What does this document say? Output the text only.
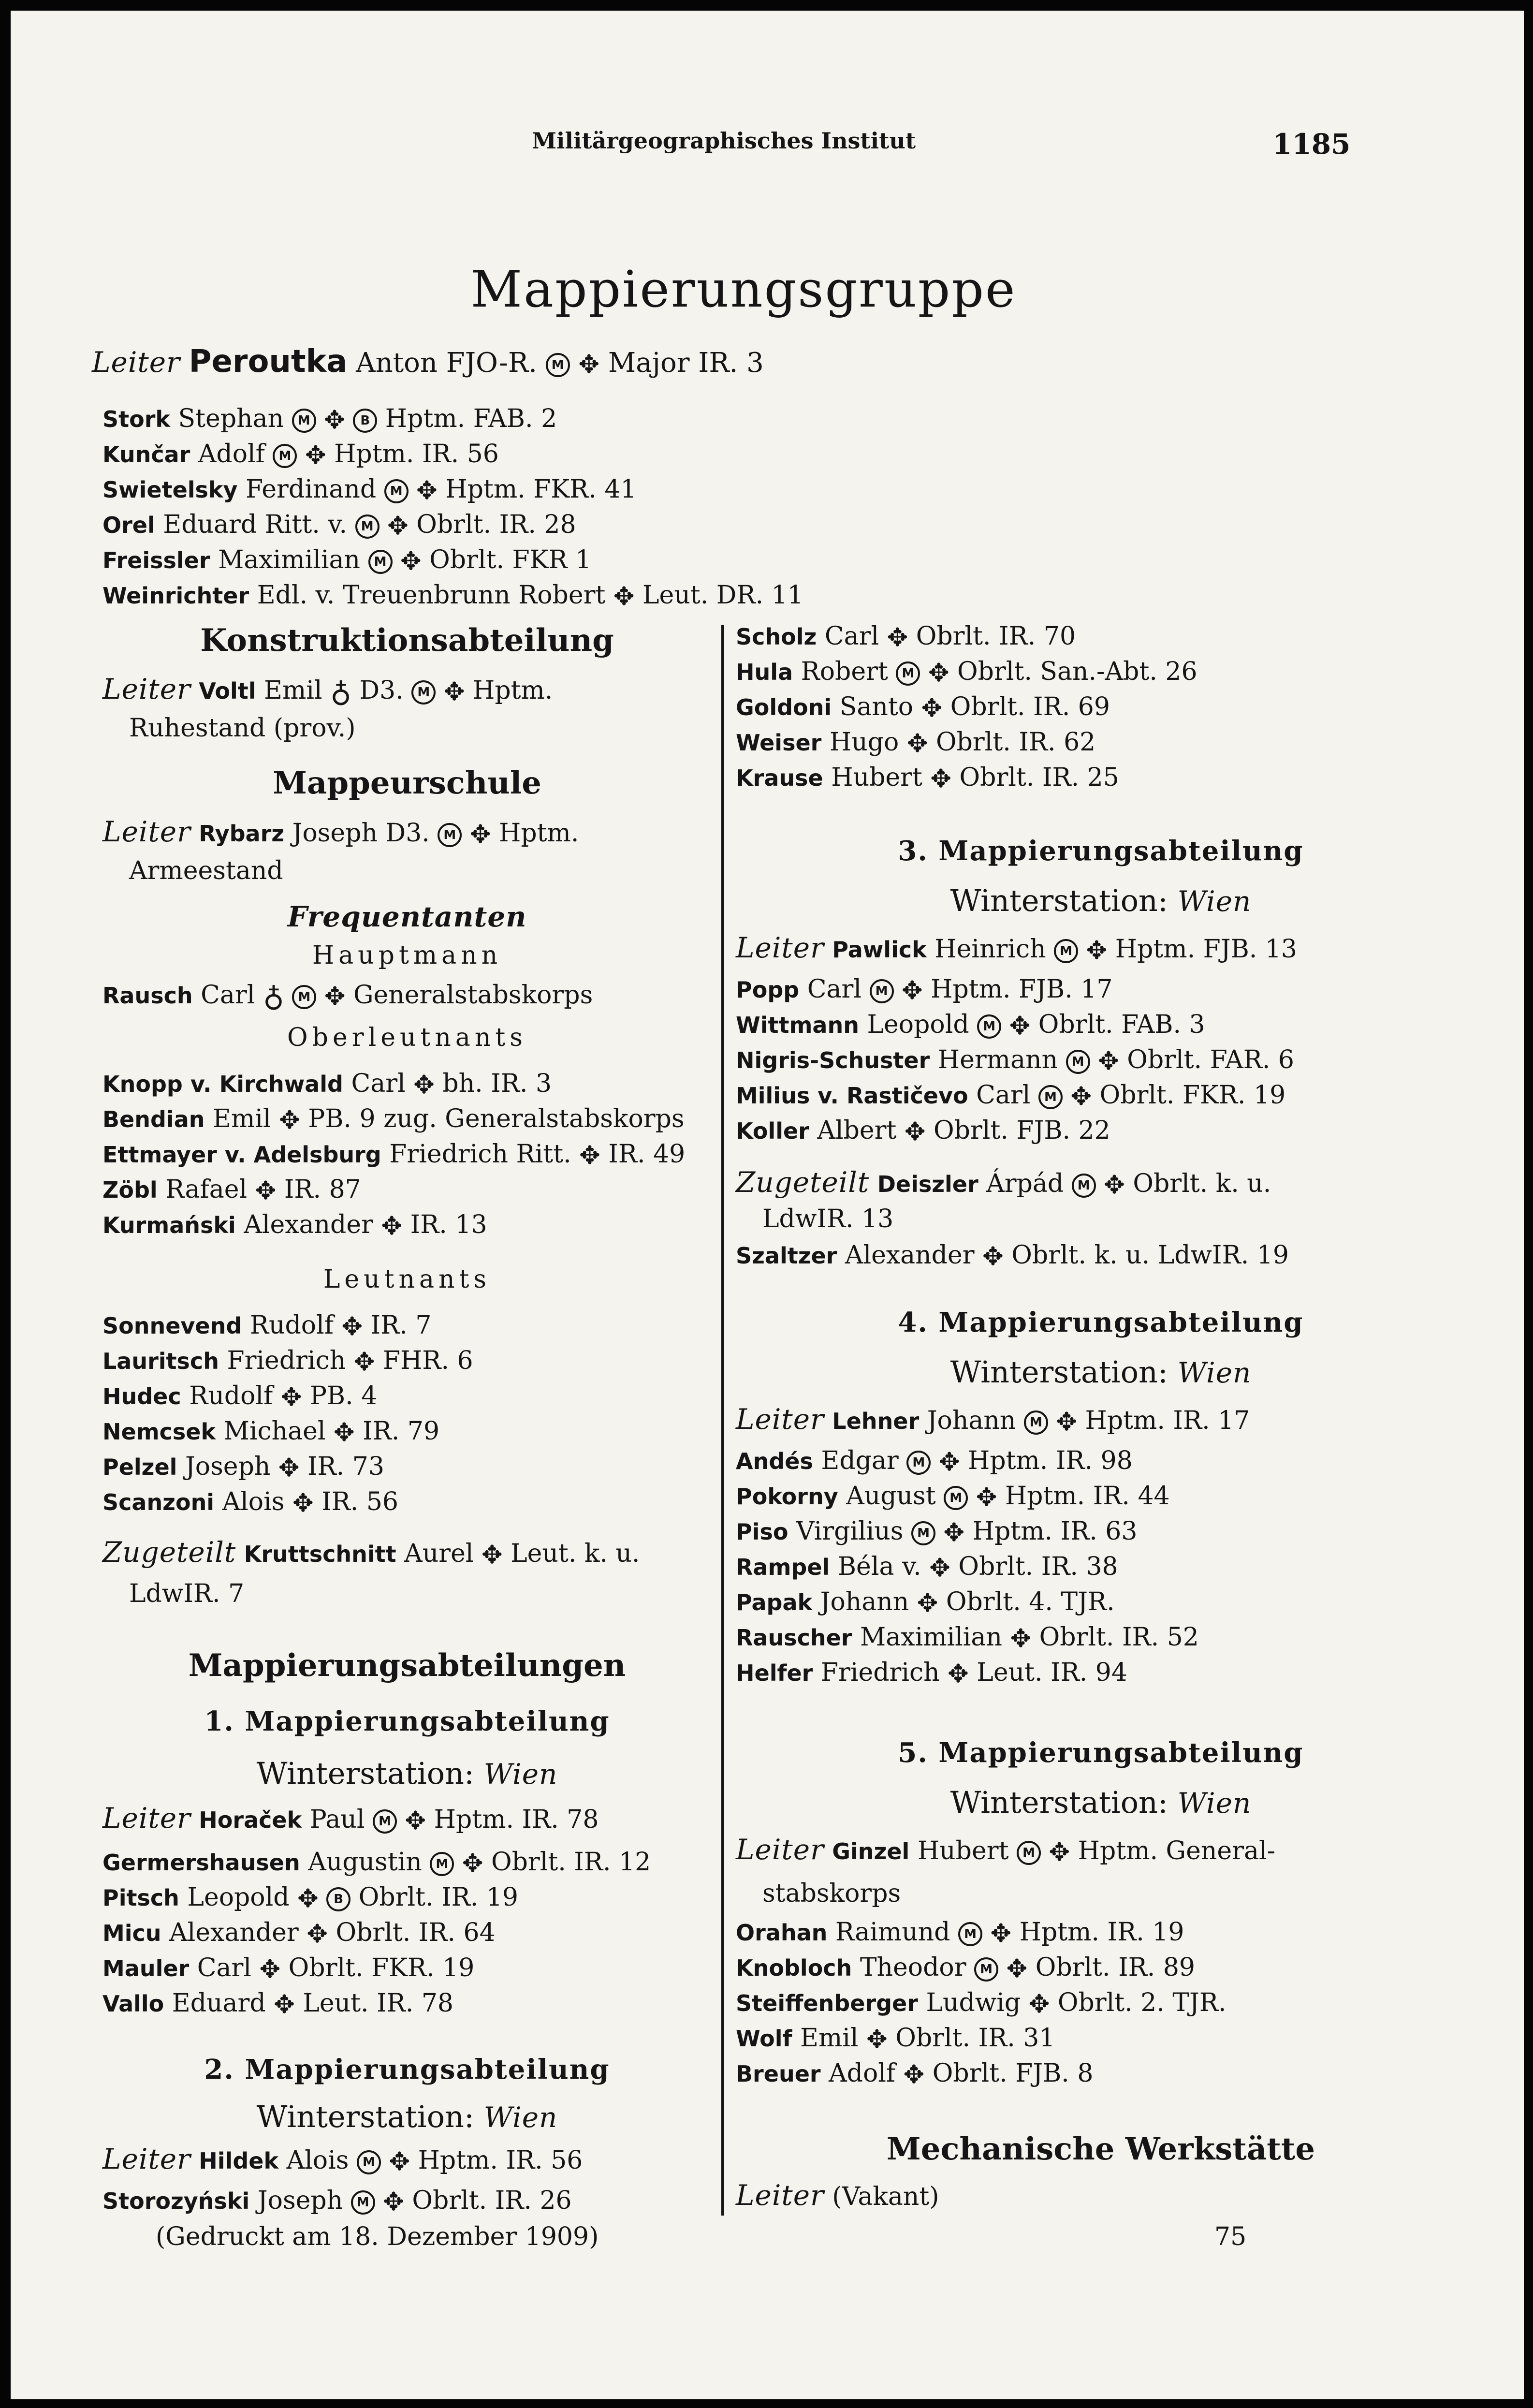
Militärgeographisches Institut	1185
Mappierungsgruppe
Leiter Peroutka Anton FJO-R. M ✥ Major IR. 3
Stork Stephan M ✥ B Hptm. FAB. 2
Kunčar Adolf M ✥ Hptm. IR. 56
Swietelsky Ferdinand M ✥ Hptm. FKR. 41
Orel Eduard Ritt. v. M ✥ Obrlt. IR. 28
Freissler Maximilian M ✥ Obrlt. FKR 1
Weinrichter Edl. v. Treuenbrunn Robert ✥ Leut. DR. 11
Konstruktionsabteilung
Leiter Voltl Emil ♁ D3. M ✥ Hptm.
Ruhestand (prov.)
Mappeurschule
Leiter Rybarz Joseph D3. M ✥ Hptm.
Armeestand
Frequentanten
Hauptmann
Rausch Carl ♁ M ✥ Generalstabskorps
Oberleutnants
Knopp v. Kirchwald Carl ✥ bh. IR. 3
Bendian Emil ✥ PB. 9 zug. Generalstabskorps
Ettmayer v. Adelsburg Friedrich Ritt. ✥ IR. 49
Zöbl Rafael ✥ IR. 87
Kurmański Alexander ✥ IR. 13
Leutnants
Sonnevend Rudolf ✥ IR. 7
Lauritsch Friedrich ✥ FHR. 6
Hudec Rudolf ✥ PB. 4
Nemcsek Michael ✥ IR. 79
Pelzel Joseph ✥ IR. 73
Scanzoni Alois ✥ IR. 56
Zugeteilt Kruttschnitt Aurel ✥ Leut. k. u.
LdwIR. 7
Mappierungsabteilungen
1. Mappierungsabteilung
Winterstation: Wien
Leiter Horaček Paul M ✥ Hptm. IR. 78
Germershausen Augustin M ✥ Obrlt. IR. 12
Pitsch Leopold ✥ B Obrlt. IR. 19
Micu Alexander ✥ Obrlt. IR. 64
Mauler Carl ✥ Obrlt. FKR. 19
Vallo Eduard ✥ Leut. IR. 78
2. Mappierungsabteilung
Winterstation: Wien
Leiter Hildek Alois M ✥ Hptm. IR. 56
Storozyński Joseph M ✥ Obrlt. IR. 26
(Gedruckt am 18. Dezember 1909)
Scholz Carl ✥ Obrlt. IR. 70
Hula Robert M ✥ Obrlt. San.-Abt. 26
Goldoni Santo ✥ Obrlt. IR. 69
Weiser Hugo ✥ Obrlt. IR. 62
Krause Hubert ✥ Obrlt. IR. 25
3. Mappierungsabteilung
Winterstation: Wien
Leiter Pawlick Heinrich M ✥ Hptm. FJB. 13
Popp Carl M ✥ Hptm. FJB. 17
Wittmann Leopold M ✥ Obrlt. FAB. 3
Nigris-Schuster Hermann M ✥ Obrlt. FAR. 6
Milius v. Rastičevo Carl M ✥ Obrlt. FKR. 19
Koller Albert ✥ Obrlt. FJB. 22
Zugeteilt Deiszler Árpád M ✥ Obrlt. k. u.
LdwIR. 13
Szaltzer Alexander ✥ Obrlt. k. u. LdwIR. 19
4. Mappierungsabteilung
Winterstation: Wien
Leiter Lehner Johann M ✥ Hptm. IR. 17
Andés Edgar M ✥ Hptm. IR. 98
Pokorny August M ✥ Hptm. IR. 44
Piso Virgilius M ✥ Hptm. IR. 63
Rampel Béla v. ✥ Obrlt. IR. 38
Papak Johann ✥ Obrlt. 4. TJR.
Rauscher Maximilian ✥ Obrlt. IR. 52
Helfer Friedrich ✥ Leut. IR. 94
5. Mappierungsabteilung
Winterstation: Wien
Leiter Ginzel Hubert M ✥ Hptm. General-
stabskorps
Orahan Raimund M ✥ Hptm. IR. 19
Knobloch Theodor M ✥ Obrlt. IR. 89
Steiffenberger Ludwig ✥ Obrlt. 2. TJR.
Wolf Emil ✥ Obrlt. IR. 31
Breuer Adolf ✥ Obrlt. FJB. 8
Mechanische Werkstätte
Leiter (Vakant)
75
